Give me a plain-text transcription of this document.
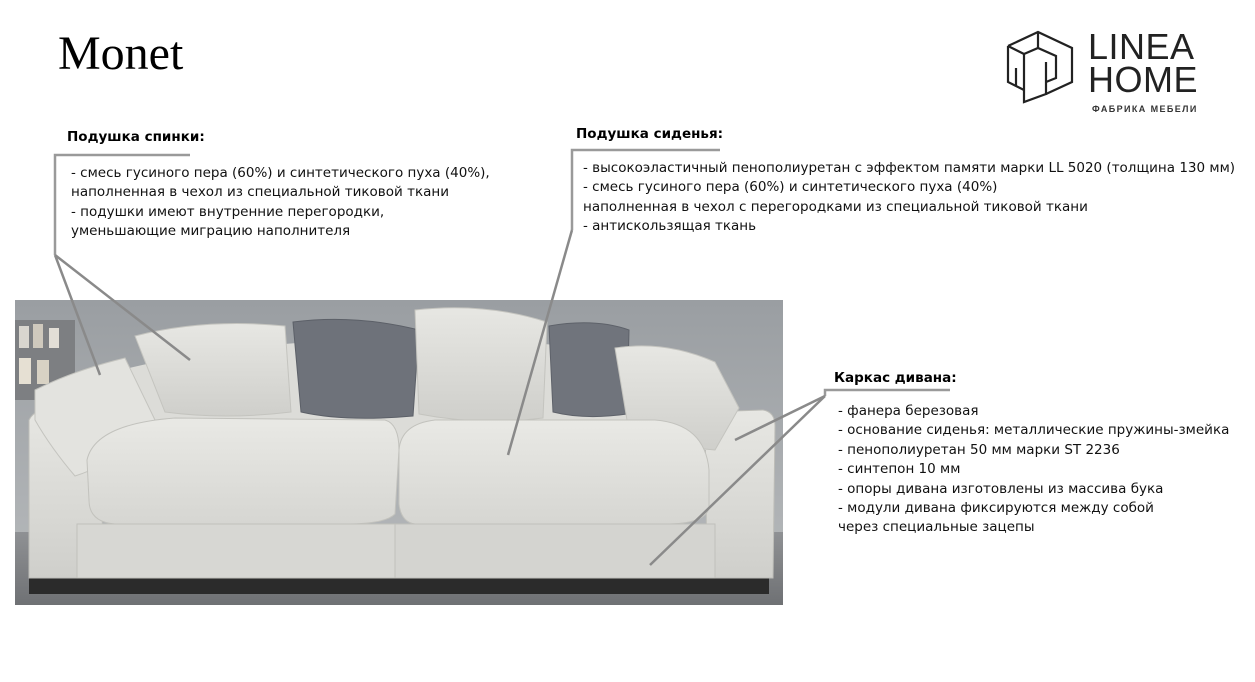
Monet	LINEA
HOME
ФАБРИКА МЕБЕЛИ
Подушка спинки:
- смесь гусиного пера (60%) и синтетического пуха (40%),
наполненная в чехол из специальной тиковой ткани
- подушки имеют внутренние перегородки,
уменьшающие миграцию наполнителя
Подушка сиденья:
- высокоэластичный пенополиуретан с эффектом памяти марки LL 5020 (толщина 130 мм)
- смесь гусиного пера (60%) и синтетического пуха (40%)
наполненная в чехол с перегородками из специальной тиковой ткани
- антискользящая ткань
Каркас дивана:
- фанера березовая
- основание сиденья: металлические пружины-змейка
- пенополиуретан 50 мм марки ST 2236
- синтепон 10 мм
- опоры дивана изготовлены из массива бука
- модули дивана фиксируются между собой
через специальные зацепы
